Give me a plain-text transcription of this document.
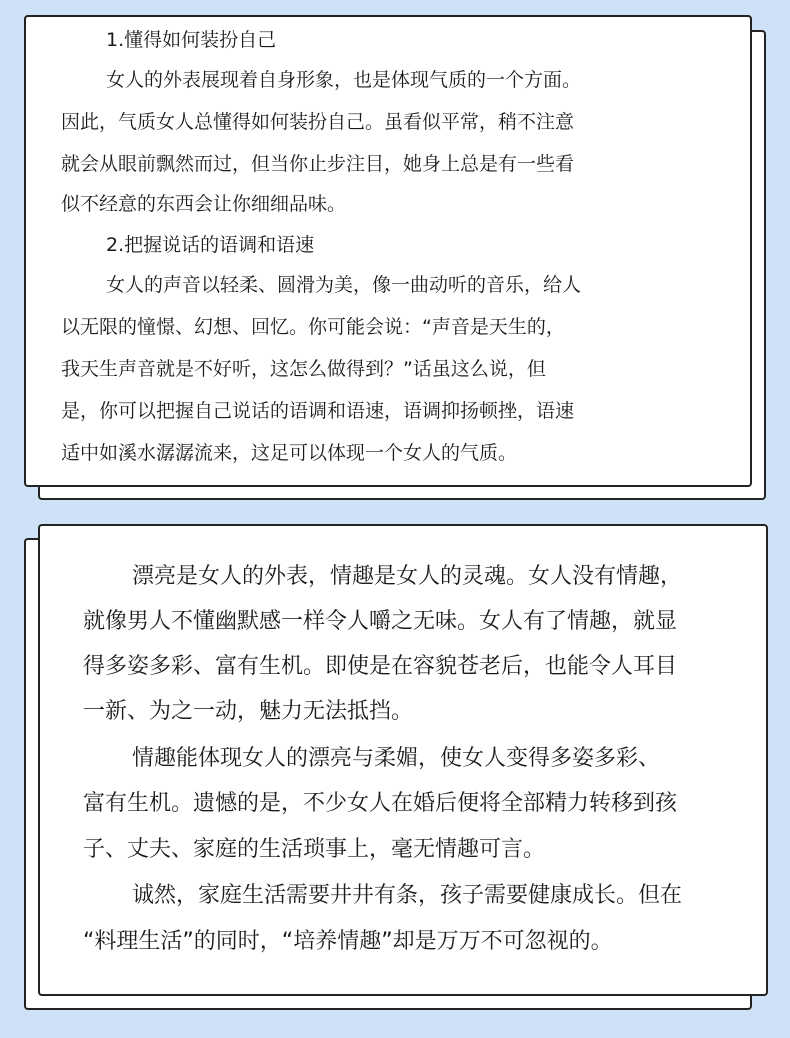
1.懂得如何装扮自己

女人的外表展现着自身形象，也是体现气质的一个方面。

因此，气质女人总懂得如何装扮自己。虽看似平常，稍不注意

就会从眼前飘然而过，但当你止步注目，她身上总是有一些看

似不经意的东西会让你细细品味。

2.把握说话的语调和语速

女人的声音以轻柔、圆滑为美，像一曲动听的音乐，给人

以无限的憧憬、幻想、回忆。你可能会说：“声音是天生的，

我天生声音就是不好听，这怎么做得到？”话虽这么说，但

是，你可以把握自己说话的语调和语速，语调抑扬顿挫，语速

适中如溪水潺潺流来，这足可以体现一个女人的气质。

漂亮是女人的外表，情趣是女人的灵魂。女人没有情趣，

就像男人不懂幽默感一样令人嚼之无味。女人有了情趣，就显

得多姿多彩、富有生机。即使是在容貌苍老后，也能令人耳目

一新、为之一动，魅力无法抵挡。

情趣能体现女人的漂亮与柔媚，使女人变得多姿多彩、

富有生机。遗憾的是，不少女人在婚后便将全部精力转移到孩

子、丈夫、家庭的生活琐事上，毫无情趣可言。

诚然，家庭生活需要井井有条，孩子需要健康成长。但在

“料理生活”的同时，“培养情趣”却是万万不可忽视的。
